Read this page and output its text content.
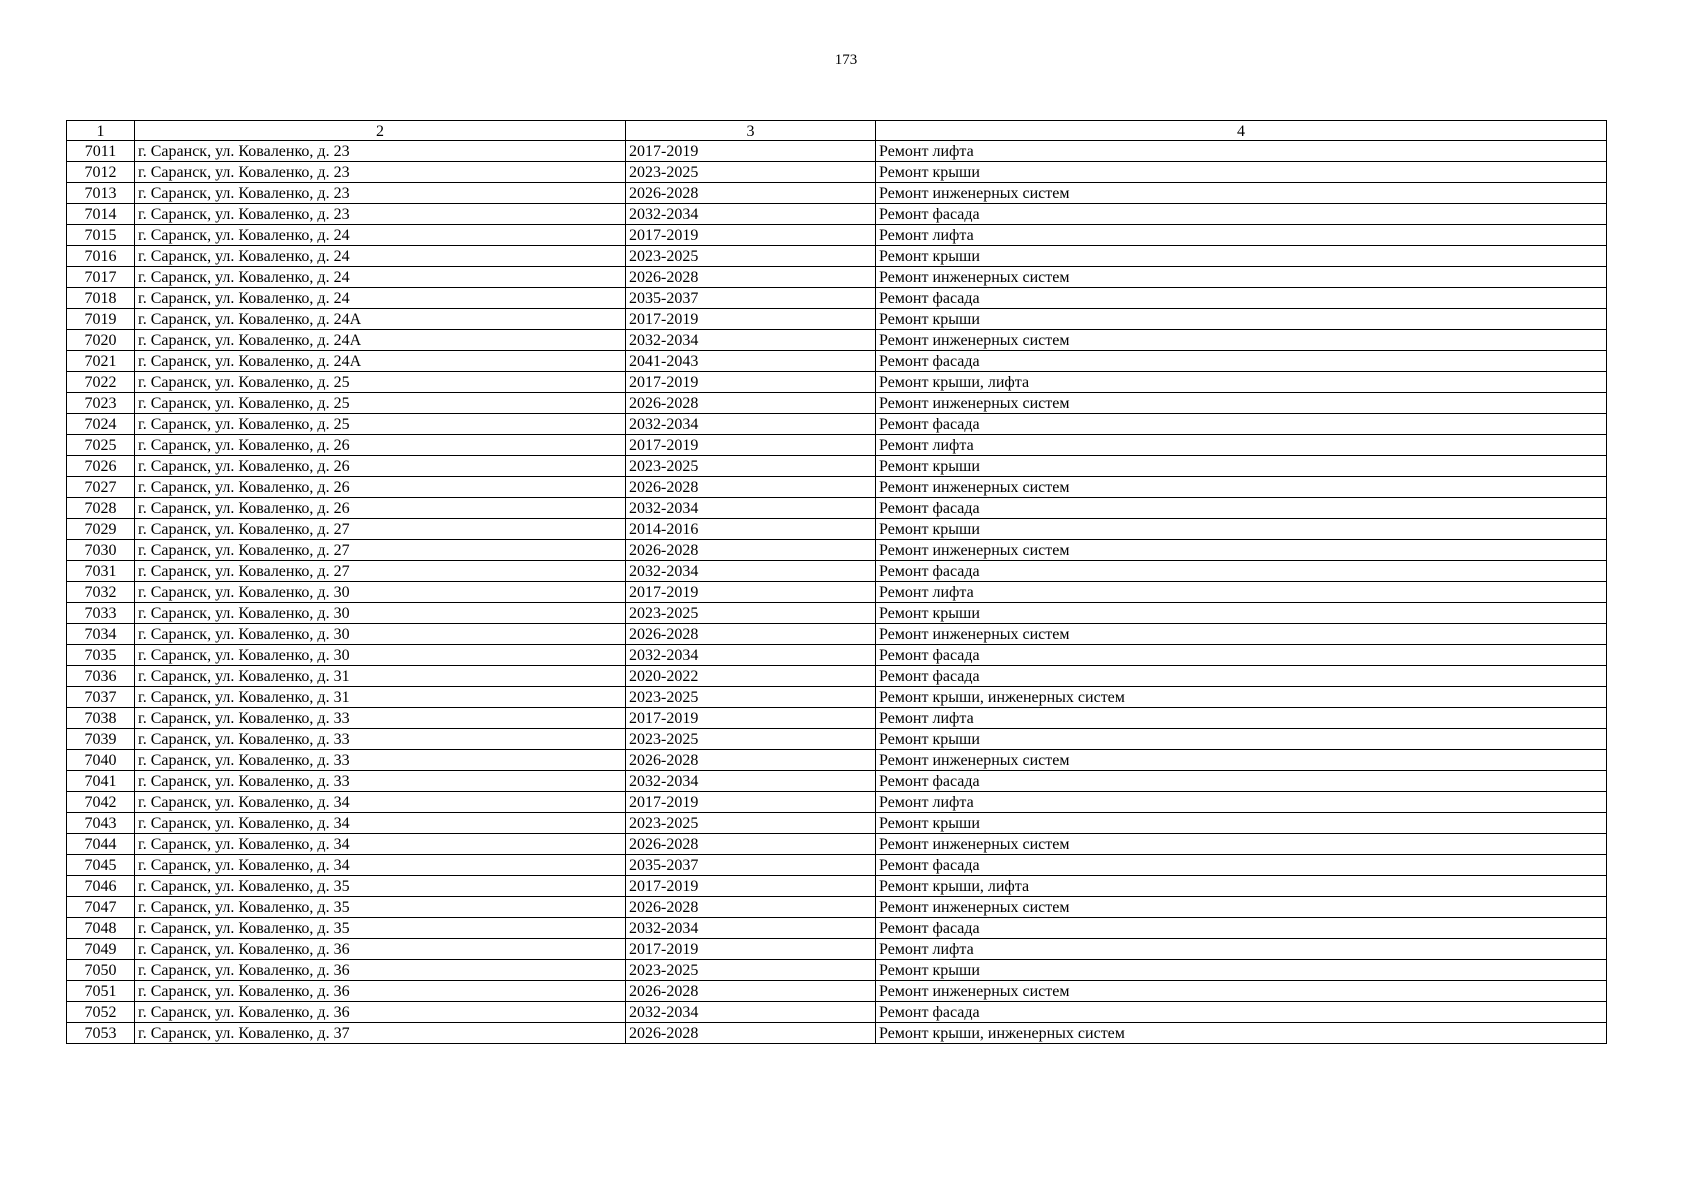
173
1	2	3	4
7011	г. Саранск, ул. Коваленко, д. 23	2017-2019	Ремонт лифта
7012	г. Саранск, ул. Коваленко, д. 23	2023-2025	Ремонт крыши
7013	г. Саранск, ул. Коваленко, д. 23	2026-2028	Ремонт инженерных систем
7014	г. Саранск, ул. Коваленко, д. 23	2032-2034	Ремонт фасада
7015	г. Саранск, ул. Коваленко, д. 24	2017-2019	Ремонт лифта
7016	г. Саранск, ул. Коваленко, д. 24	2023-2025	Ремонт крыши
7017	г. Саранск, ул. Коваленко, д. 24	2026-2028	Ремонт инженерных систем
7018	г. Саранск, ул. Коваленко, д. 24	2035-2037	Ремонт фасада
7019	г. Саранск, ул. Коваленко, д. 24А	2017-2019	Ремонт крыши
7020	г. Саранск, ул. Коваленко, д. 24А	2032-2034	Ремонт инженерных систем
7021	г. Саранск, ул. Коваленко, д. 24А	2041-2043	Ремонт фасада
7022	г. Саранск, ул. Коваленко, д. 25	2017-2019	Ремонт крыши, лифта
7023	г. Саранск, ул. Коваленко, д. 25	2026-2028	Ремонт инженерных систем
7024	г. Саранск, ул. Коваленко, д. 25	2032-2034	Ремонт фасада
7025	г. Саранск, ул. Коваленко, д. 26	2017-2019	Ремонт лифта
7026	г. Саранск, ул. Коваленко, д. 26	2023-2025	Ремонт крыши
7027	г. Саранск, ул. Коваленко, д. 26	2026-2028	Ремонт инженерных систем
7028	г. Саранск, ул. Коваленко, д. 26	2032-2034	Ремонт фасада
7029	г. Саранск, ул. Коваленко, д. 27	2014-2016	Ремонт крыши
7030	г. Саранск, ул. Коваленко, д. 27	2026-2028	Ремонт инженерных систем
7031	г. Саранск, ул. Коваленко, д. 27	2032-2034	Ремонт фасада
7032	г. Саранск, ул. Коваленко, д. 30	2017-2019	Ремонт лифта
7033	г. Саранск, ул. Коваленко, д. 30	2023-2025	Ремонт крыши
7034	г. Саранск, ул. Коваленко, д. 30	2026-2028	Ремонт инженерных систем
7035	г. Саранск, ул. Коваленко, д. 30	2032-2034	Ремонт фасада
7036	г. Саранск, ул. Коваленко, д. 31	2020-2022	Ремонт фасада
7037	г. Саранск, ул. Коваленко, д. 31	2023-2025	Ремонт крыши, инженерных систем
7038	г. Саранск, ул. Коваленко, д. 33	2017-2019	Ремонт лифта
7039	г. Саранск, ул. Коваленко, д. 33	2023-2025	Ремонт крыши
7040	г. Саранск, ул. Коваленко, д. 33	2026-2028	Ремонт инженерных систем
7041	г. Саранск, ул. Коваленко, д. 33	2032-2034	Ремонт фасада
7042	г. Саранск, ул. Коваленко, д. 34	2017-2019	Ремонт лифта
7043	г. Саранск, ул. Коваленко, д. 34	2023-2025	Ремонт крыши
7044	г. Саранск, ул. Коваленко, д. 34	2026-2028	Ремонт инженерных систем
7045	г. Саранск, ул. Коваленко, д. 34	2035-2037	Ремонт фасада
7046	г. Саранск, ул. Коваленко, д. 35	2017-2019	Ремонт крыши, лифта
7047	г. Саранск, ул. Коваленко, д. 35	2026-2028	Ремонт инженерных систем
7048	г. Саранск, ул. Коваленко, д. 35	2032-2034	Ремонт фасада
7049	г. Саранск, ул. Коваленко, д. 36	2017-2019	Ремонт лифта
7050	г. Саранск, ул. Коваленко, д. 36	2023-2025	Ремонт крыши
7051	г. Саранск, ул. Коваленко, д. 36	2026-2028	Ремонт инженерных систем
7052	г. Саранск, ул. Коваленко, д. 36	2032-2034	Ремонт фасада
7053	г. Саранск, ул. Коваленко, д. 37	2026-2028	Ремонт крыши, инженерных систем
